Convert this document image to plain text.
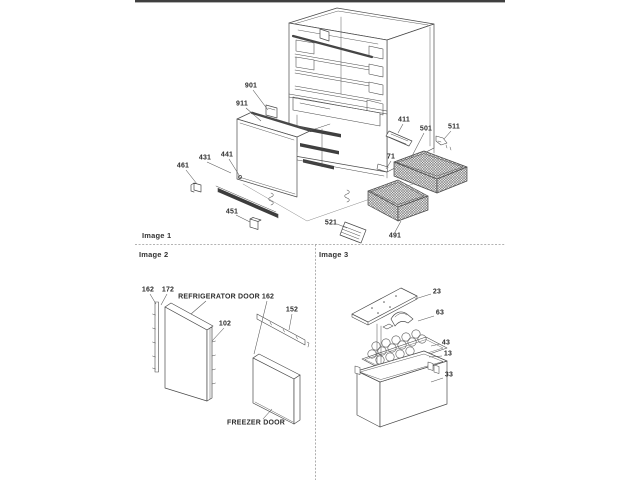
Image 1
Image 2	Image 3
901
911
461
431 441
451
521
491
71
411
501 511
162 172
162
102
152
REFRIGERATOR DOOR
FREEZER DOOR
23
63
43
13
33
